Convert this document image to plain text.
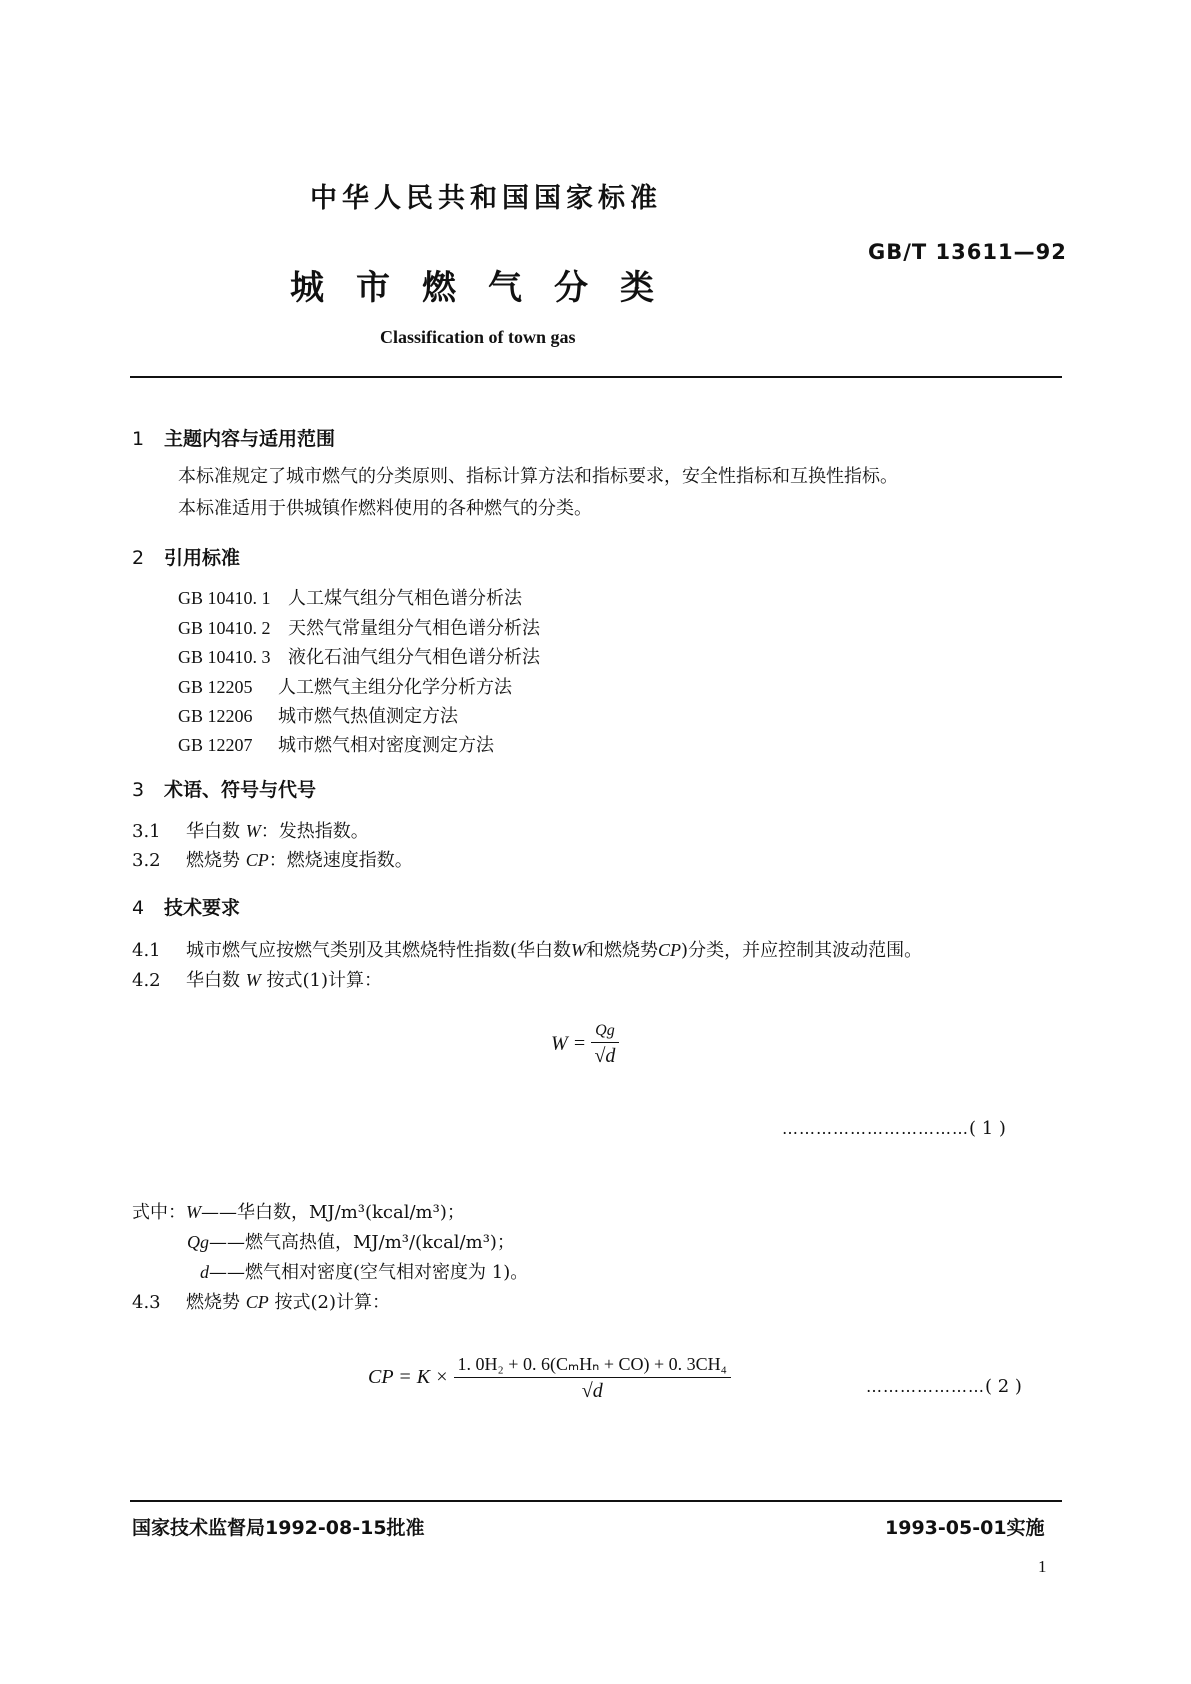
中华人民共和国国家标准
GB/T 13611—92
城 市 燃 气 分 类
Classification of town gas
1 主题内容与适用范围
本标准规定了城市燃气的分类原则、指标计算方法和指标要求，安全性指标和互换性指标。
本标准适用于供城镇作燃料使用的各种燃气的分类。
2 引用标准
GB 10410. 1 人工煤气组分气相色谱分析法
GB 10410. 2 天然气常量组分气相色谱分析法
GB 10410. 3 液化石油气组分气相色谱分析法
GB 12205 人工燃气主组分化学分析方法
GB 12206 城市燃气热值测定方法
GB 12207 城市燃气相对密度测定方法
3 术语、符号与代号
3.1 华白数 W：发热指数。
3.2 燃烧势 CP：燃烧速度指数。
4 技术要求
4.1 城市燃气应按燃气类别及其燃烧特性指数(华白数W和燃烧势CP)分类，并应控制其波动范围。
4.2 华白数 W 按式(1)计算：
$W = \frac{Qg}{√d}$
……………………………( 1 )
式中：W——华白数，MJ/m³(kcal/m³)；
Qg——燃气高热值，MJ/m³/(kcal/m³)；
d——燃气相对密度(空气相对密度为 1)。
4.3 燃烧势 CP 按式(2)计算：
CP = $K \times \frac{\text{1. 0H₂ + 0. 6(CₘHₙ + CO) + 0. 3CH₄}}{√d}$	…………………( 2 )
国家技术监督局1992-08-15批准	1993-05-01实施
1
